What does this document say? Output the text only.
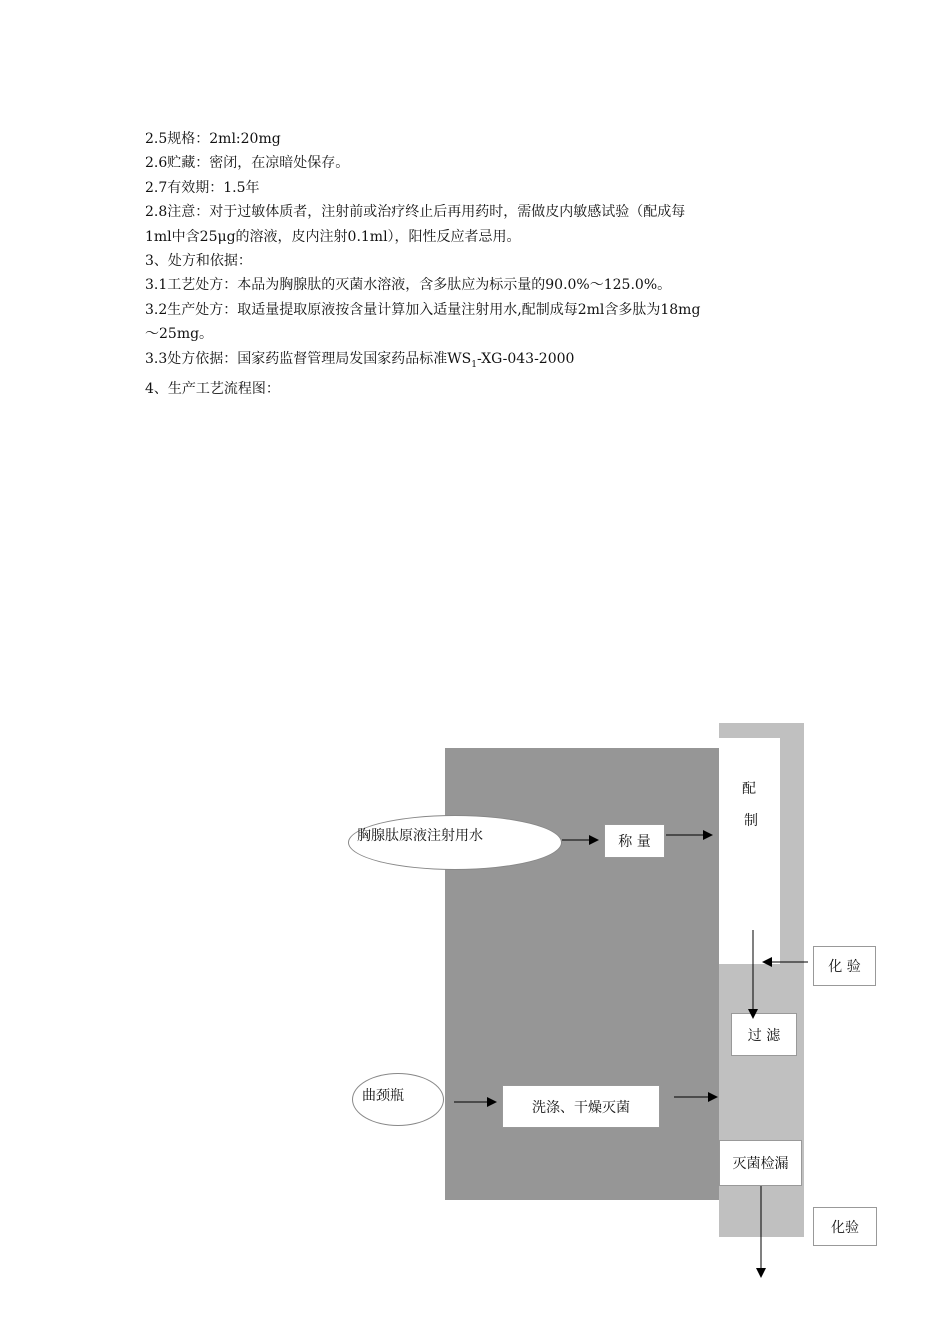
2.5规格：2ml:20mg

2.6贮藏：密闭，在凉暗处保存。

2.7有效期：1.5年

2.8注意：对于过敏体质者，注射前或治疗终止后再用药时，需做皮内敏感试验（配成每

1ml中含25μg的溶液，皮内注射0.1ml），阳性反应者忌用。

3、处方和依据：

3.1工艺处方：本品为胸腺肽的灭菌水溶液，含多肽应为标示量的90.0%～125.0%。

3.2生产处方：取适量提取原液按含量计算加入适量注射用水,配制成每2ml含多肽为18mg

～25mg。

3.3处方依据：国家药监督管理局发国家药品标准$WS_1-XG-043-2000$

4、生产工艺流程图：

胸腺肽原液注射用水	称 量
配
制
化 验
过 滤
曲颈瓶
洗涤、干燥灭菌
灭菌检漏
化验
